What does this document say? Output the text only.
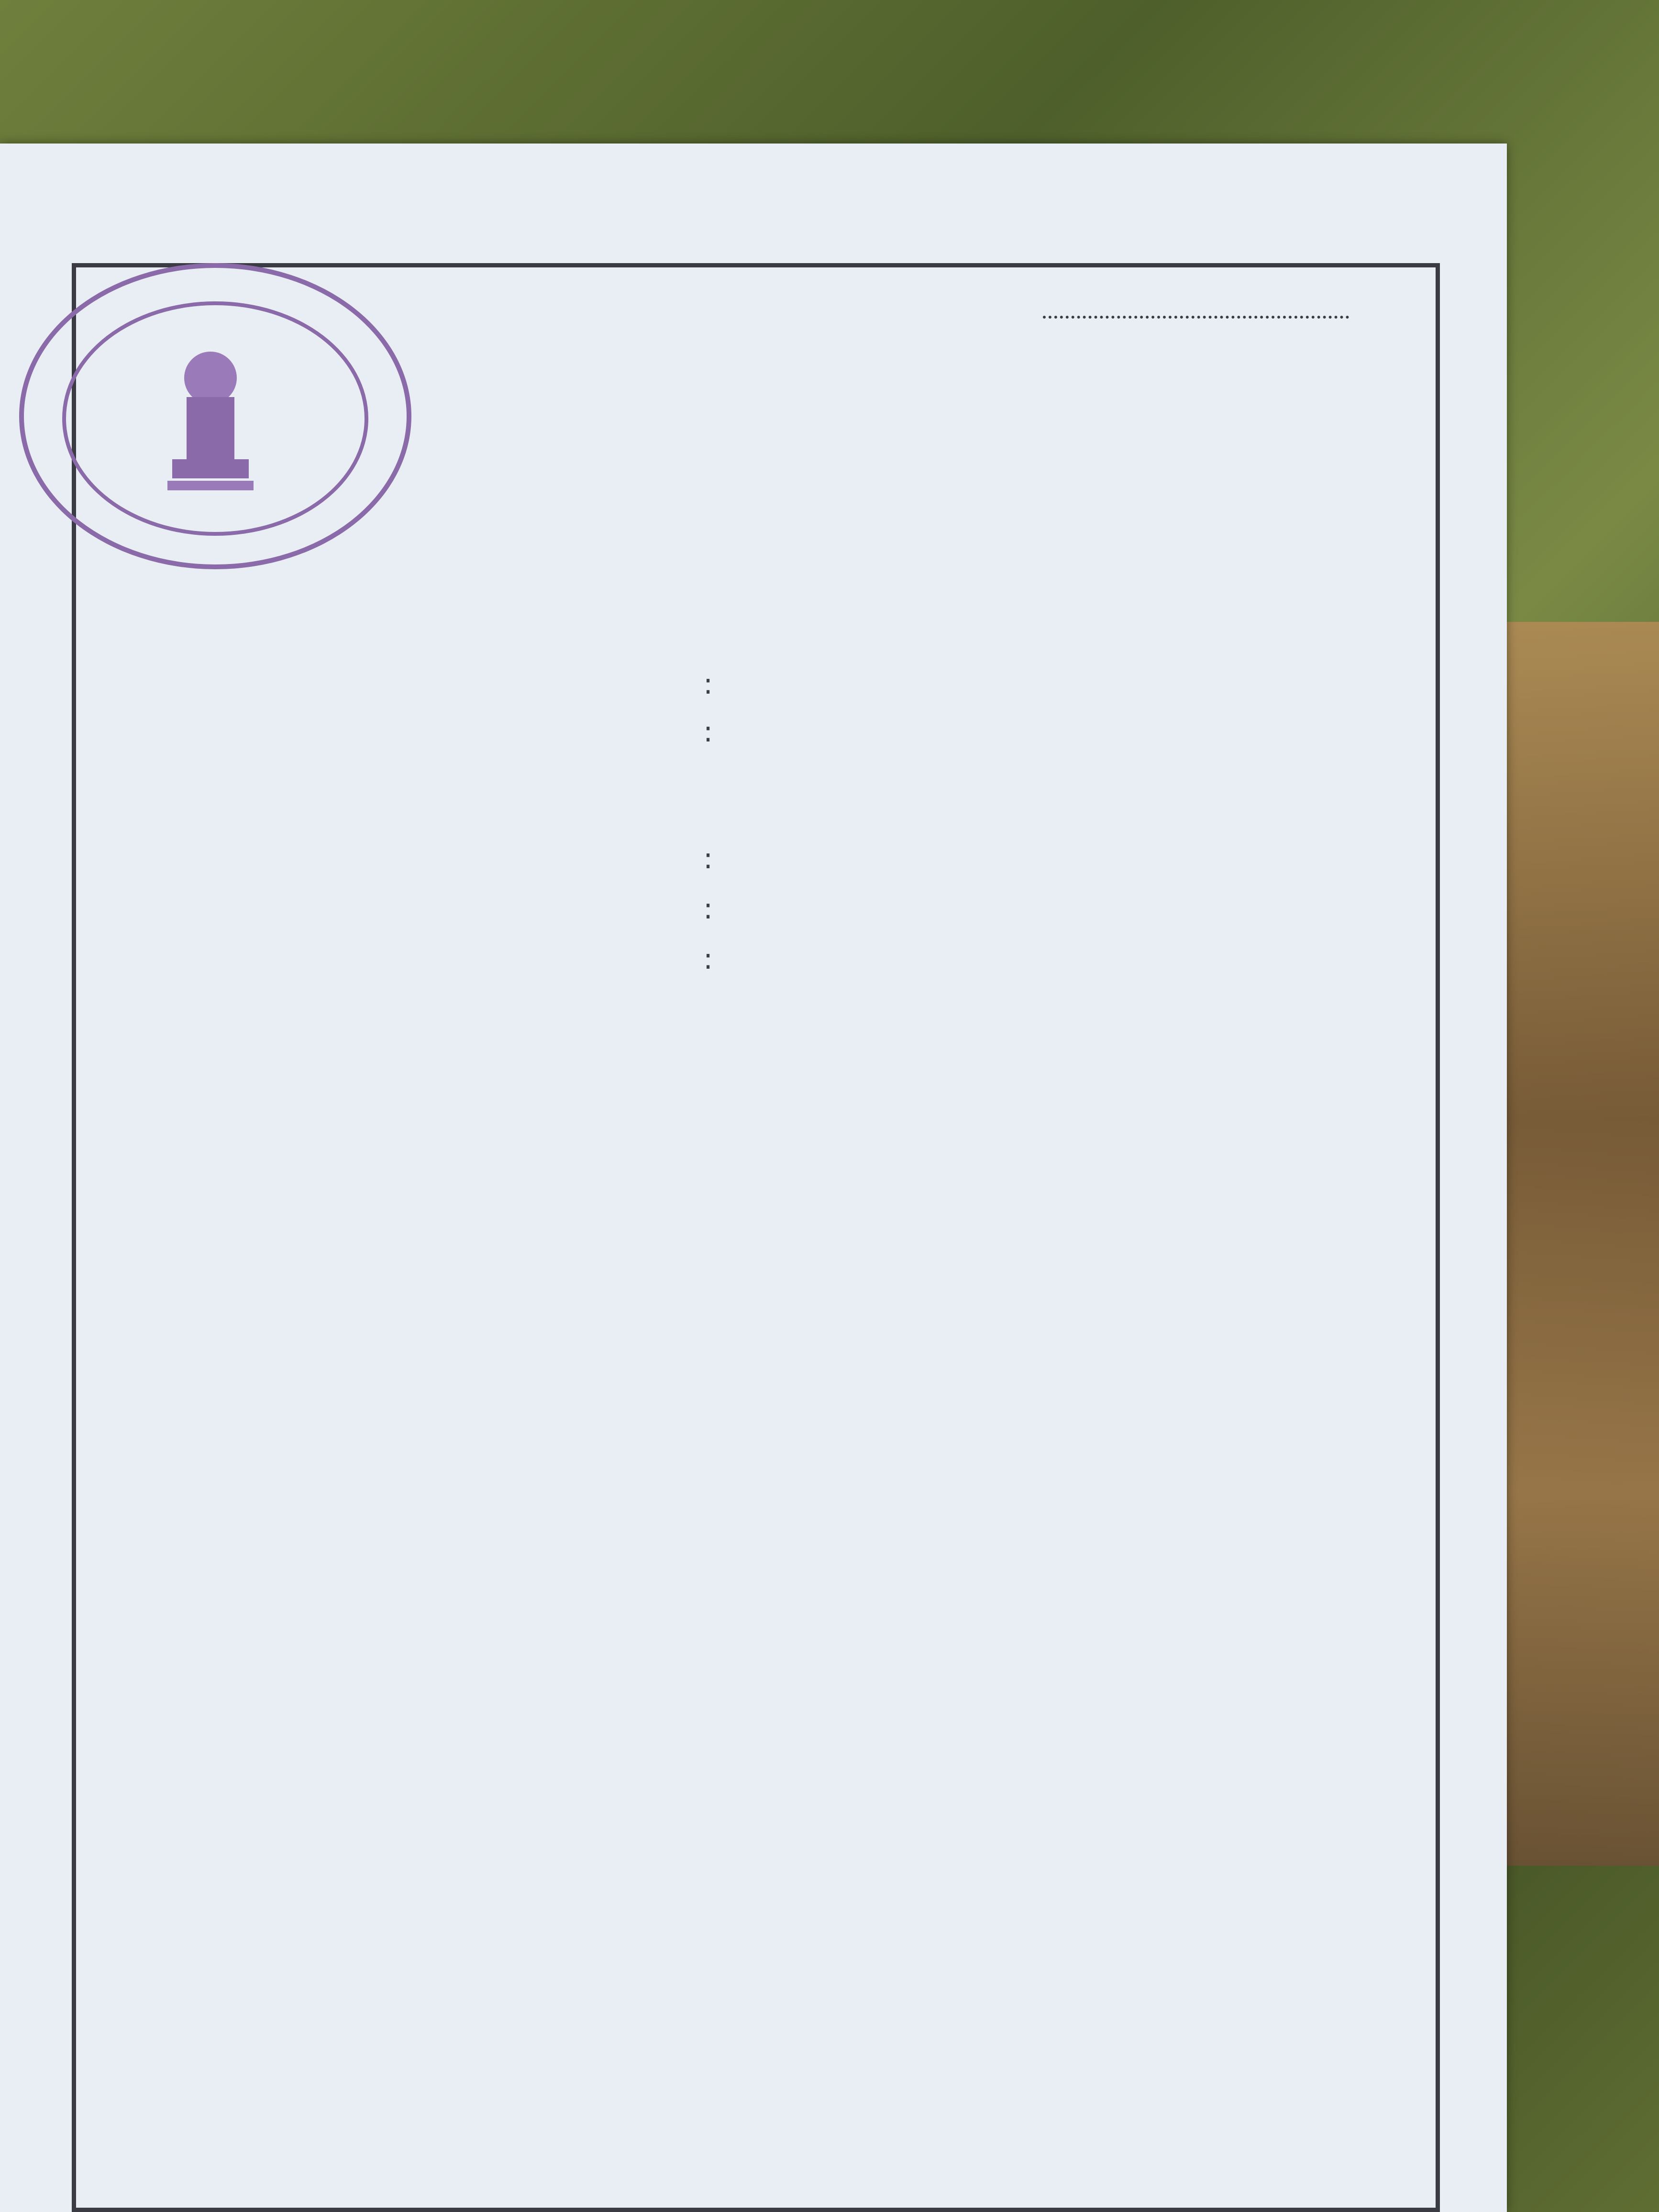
:
:
:
:
:
